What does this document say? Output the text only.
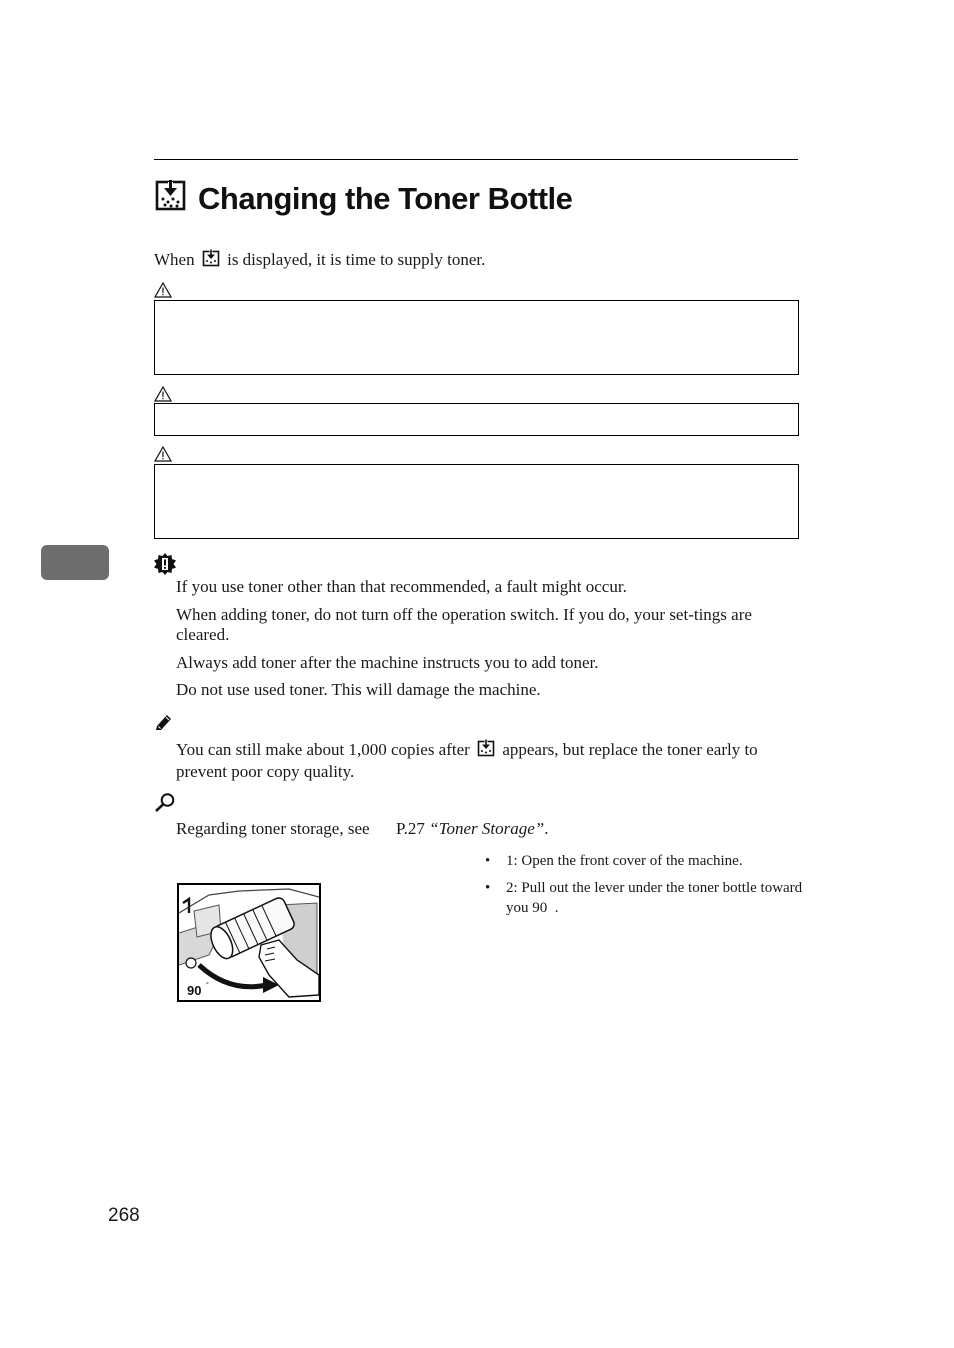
Changing the Toner Bottle
When is displayed, it is time to supply toner.
If you use toner other than that recommended, a fault might occur.
When adding toner, do not turn off the operation switch. If you do, your set-tings are cleared.
Always add toner after the machine instructs you to add toner.
Do not use used toner. This will damage the machine.
You can still make about 1,000 copies after appears, but replace the toner early to prevent poor copy quality.
Regarding toner storage, see P.27 “Toner Storage”.
•	1: Open the front cover of the machine.
•	2: Pull out the lever under the toner bottle toward you 90 .
90 °
268
